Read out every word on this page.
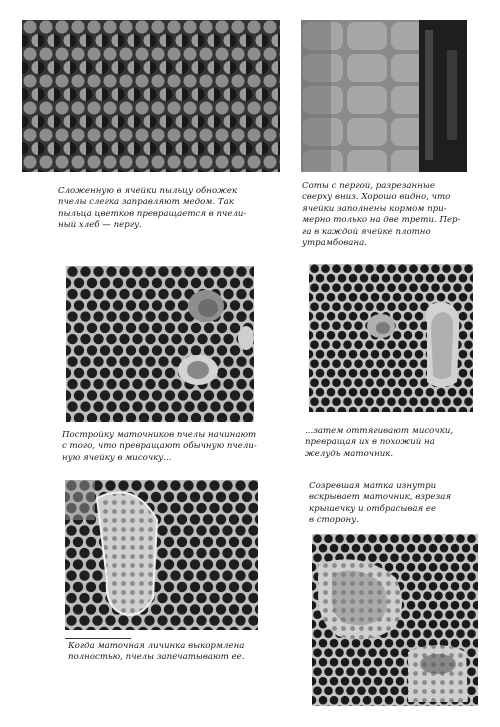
Сложенную в ячейки пыльцу обножек
пчелы слегка заправляют медом. Так
пыльца цветков превращается в пчели-
ный хлеб — пергу.
Соты с пергой, разрезанные
сверху вниз. Хорошо видно, что
ячейки заполнены кормом при-
мерно только на две трети. Пер-
га в каждой ячейке плотно
утрамбована.
Постройку маточников пчелы начинают
с того, что превращают обычную пчели-
ную ячейку в мисочку...
...затем оттягивают мисочки,
превращая их в похожий на
желудь маточник.
Созревшая матка изнутри
вскрывает маточник, взрезая
крышечку и отбрасывая ее
в сторону.
Когда маточная личинка выкормлена
полностью, пчелы запечатывают ее.
